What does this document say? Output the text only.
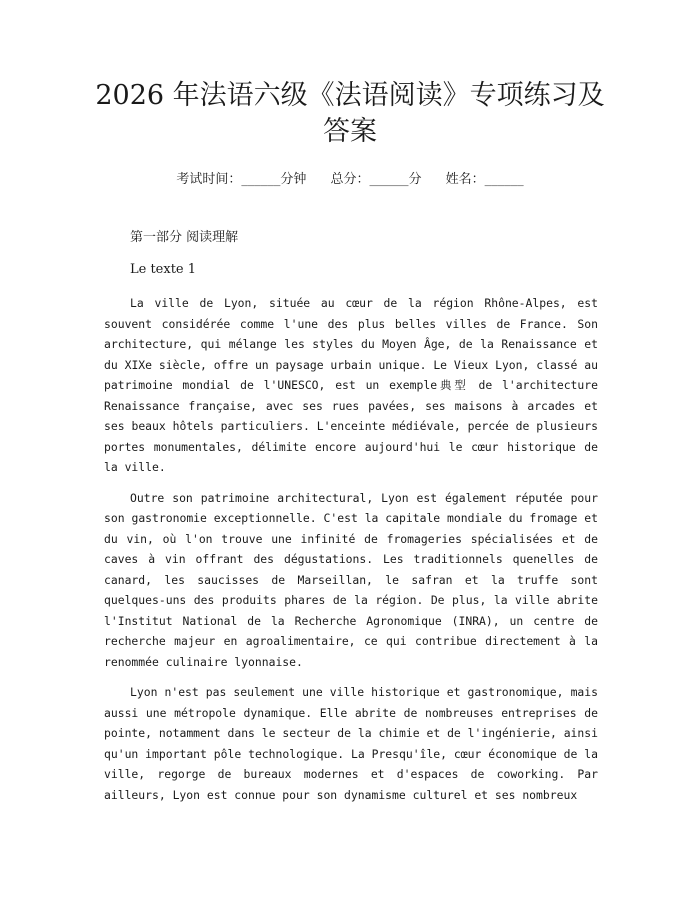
2026 年法语六级《法语阅读》专项练习及答案
考试时间：______分钟 总分：______分 姓名：______

第一部分 阅读理解

Le texte 1

La ville de Lyon, située au cœur de la région Rhône-Alpes, est souvent considérée comme l'une des plus belles villes de France. Son architecture, qui mélange les styles du Moyen Âge, de la Renaissance et du XIXe siècle, offre un paysage urbain unique. Le Vieux Lyon, classé au patrimoine mondial de l'UNESCO, est un exemple典型 de l'architecture Renaissance française, avec ses rues pavées, ses maisons à arcades et ses beaux hôtels particuliers. L'enceinte médiévale, percée de plusieurs portes monumentales, délimite encore aujourd'hui le cœur historique de la ville.

Outre son patrimoine architectural, Lyon est également réputée pour son gastronomie exceptionnelle. C'est la capitale mondiale du fromage et du vin, où l'on trouve une infinité de fromageries spécialisées et de caves à vin offrant des dégustations. Les traditionnels quenelles de canard, les saucisses de Marseillan, le safran et la truffe sont quelques-uns des produits phares de la région. De plus, la ville abrite l'Institut National de la Recherche Agronomique (INRA), un centre de recherche majeur en agroalimentaire, ce qui contribue directement à la renommée culinaire lyonnaise.

Lyon n'est pas seulement une ville historique et gastronomique, mais aussi une métropole dynamique. Elle abrite de nombreuses entreprises de pointe, notamment dans le secteur de la chimie et de l'ingénierie, ainsi qu'un important pôle technologique. La Presqu'île, cœur économique de la ville, regorge de bureaux modernes et d'espaces de coworking. Par ailleurs, Lyon est connue pour son dynamisme culturel et ses nombreux
